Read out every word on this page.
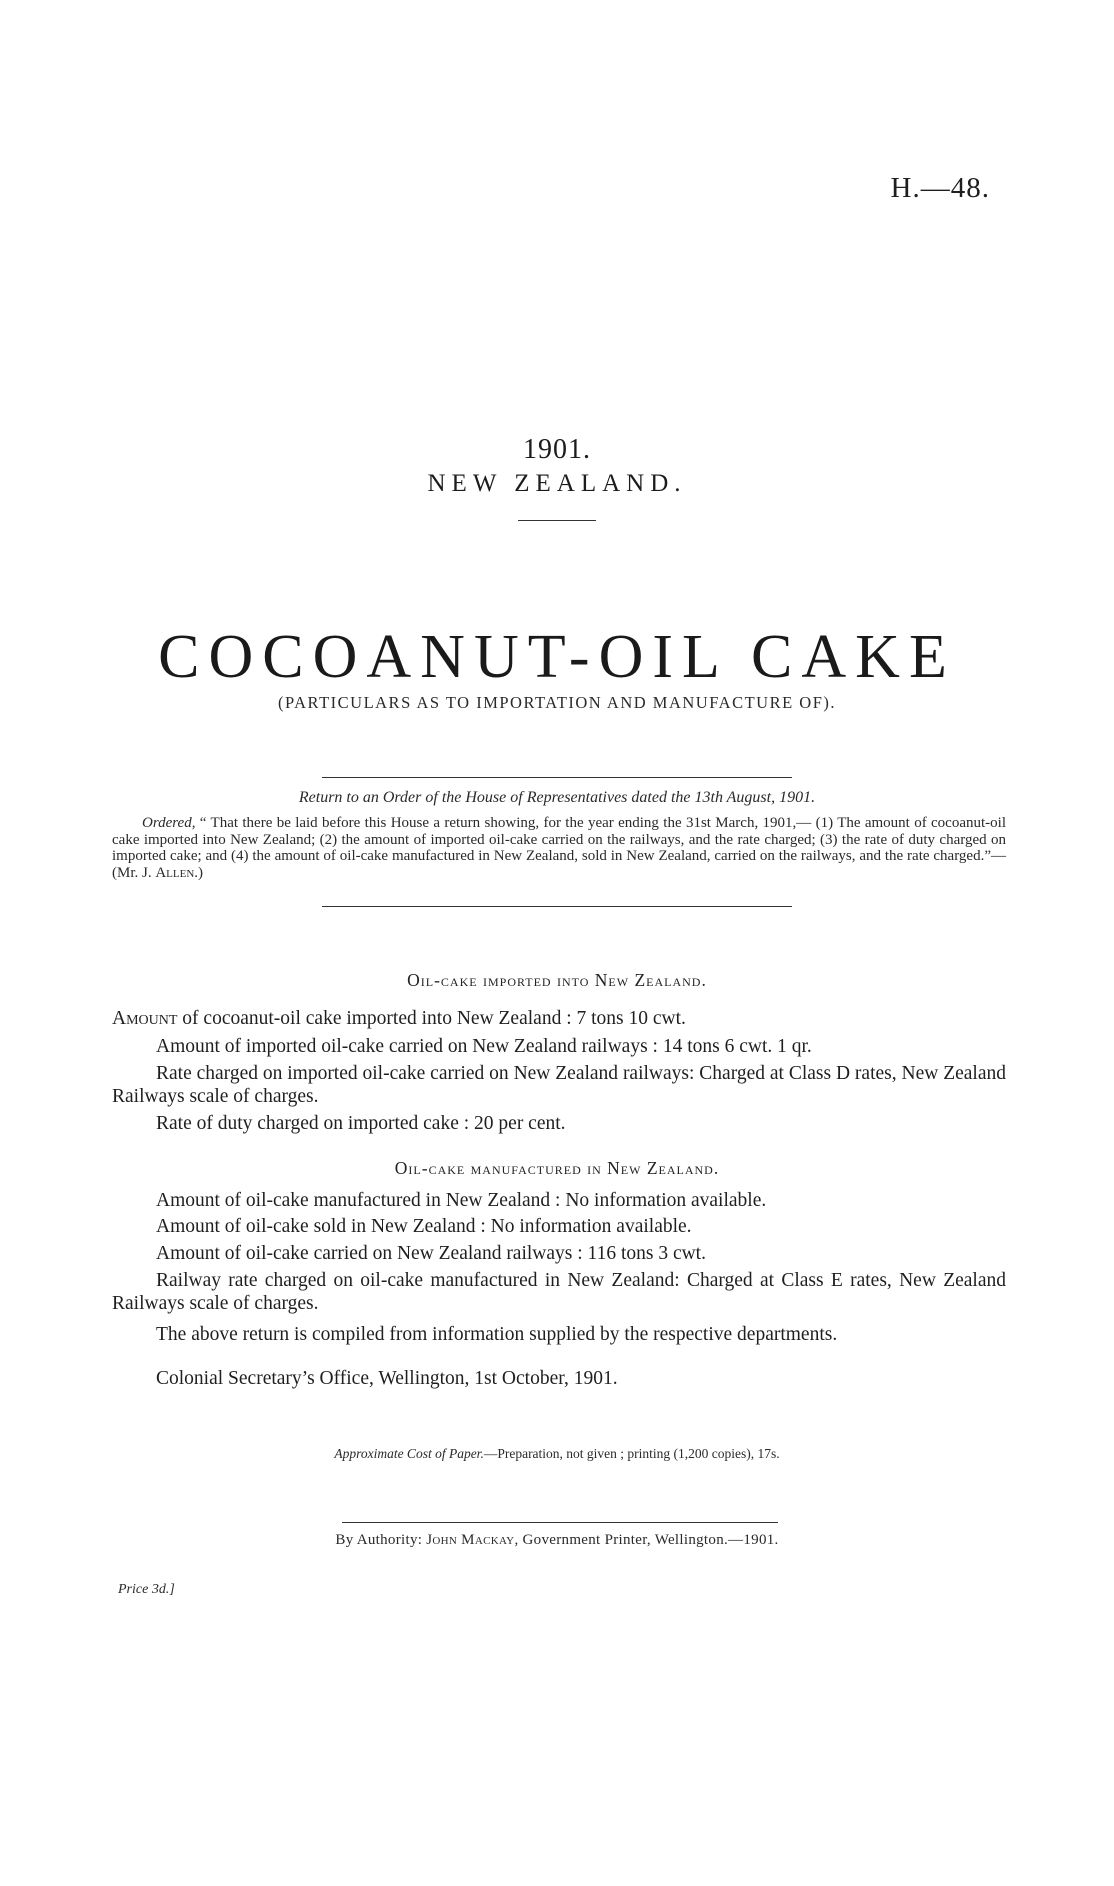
H.—48.
1901.
NEW ZEALAND.
COCOANUT-OIL CAKE
(PARTICULARS AS TO IMPORTATION AND MANUFACTURE OF).
Return to an Order of the House of Representatives dated the 13th August, 1901.
Ordered, “ That there be laid before this House a return showing, for the year ending the 31st March, 1901,— (1) The amount of cocoanut-oil cake imported into New Zealand; (2) the amount of imported oil-cake carried on the railways, and the rate charged; (3) the rate of duty charged on imported cake; and (4) the amount of oil-cake manufactured in New Zealand, sold in New Zealand, carried on the railways, and the rate charged.”—(Mr. J. Allen.)
Oil-cake imported into New Zealand.
Amount of cocoanut-oil cake imported into New Zealand : 7 tons 10 cwt.
Amount of imported oil-cake carried on New Zealand railways : 14 tons 6 cwt. 1 qr.
Rate charged on imported oil-cake carried on New Zealand railways: Charged at Class D rates, New Zealand Railways scale of charges.
Rate of duty charged on imported cake : 20 per cent.
Oil-cake manufactured in New Zealand.
Amount of oil-cake manufactured in New Zealand : No information available.
Amount of oil-cake sold in New Zealand : No information available.
Amount of oil-cake carried on New Zealand railways : 116 tons 3 cwt.
Railway rate charged on oil-cake manufactured in New Zealand: Charged at Class E rates, New Zealand Railways scale of charges.
The above return is compiled from information supplied by the respective departments.
Colonial Secretary’s Office, Wellington, 1st October, 1901.
Approximate Cost of Paper.—Preparation, not given ; printing (1,200 copies), 17s.
By Authority: John Mackay, Government Printer, Wellington.—1901.
Price 3d.]
